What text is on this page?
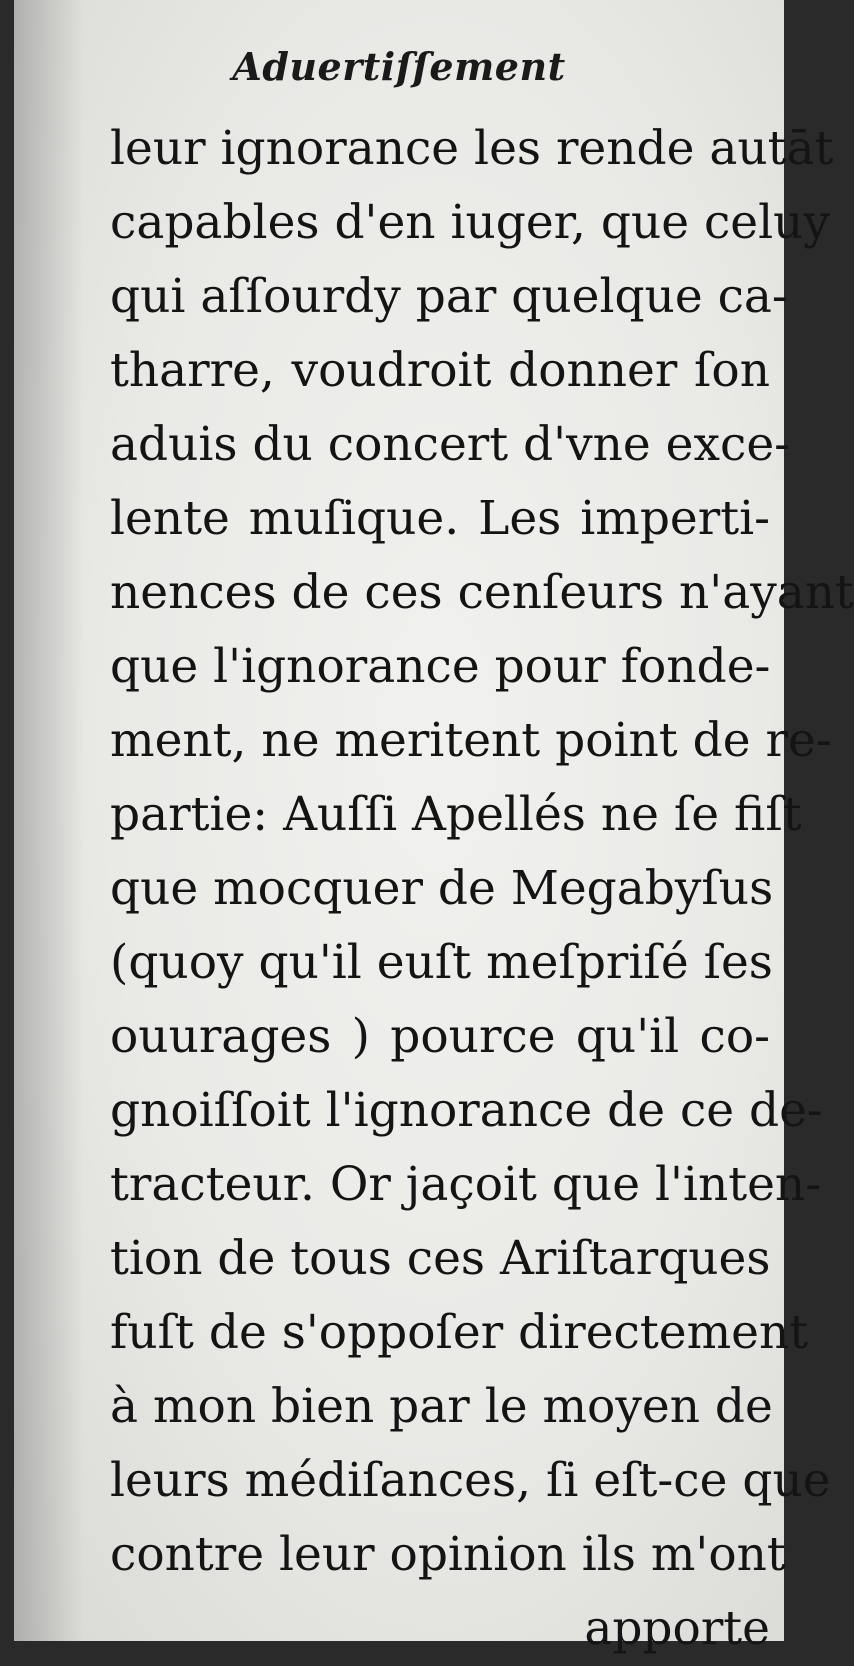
Aduertiſſement
leur ignorance les rende autāt
capables d'en iuger, que celuy
qui aſſourdy par quelque ca-
tharre, voudroit donner ſon
aduis du concert d'vne exce-
lente muſique. Les imperti-
nences de ces cenſeurs n'ayant
que l'ignorance pour fonde-
ment, ne meritent point de re-
partie: Auſſi Apellés ne ſe fiſt
que mocquer de Megabyſus
(quoy qu'il euſt meſpriſé ſes
ouurages ) pource qu'il co-
gnoiſſoit l'ignorance de ce de-
tracteur. Or jaçoit que l'inten-
tion de tous ces Ariſtarques
fuſt de s'oppoſer directement
à mon bien par le moyen de
leurs médiſances, ſi eſt-ce que
contre leur opinion ils m'ont
apporte
